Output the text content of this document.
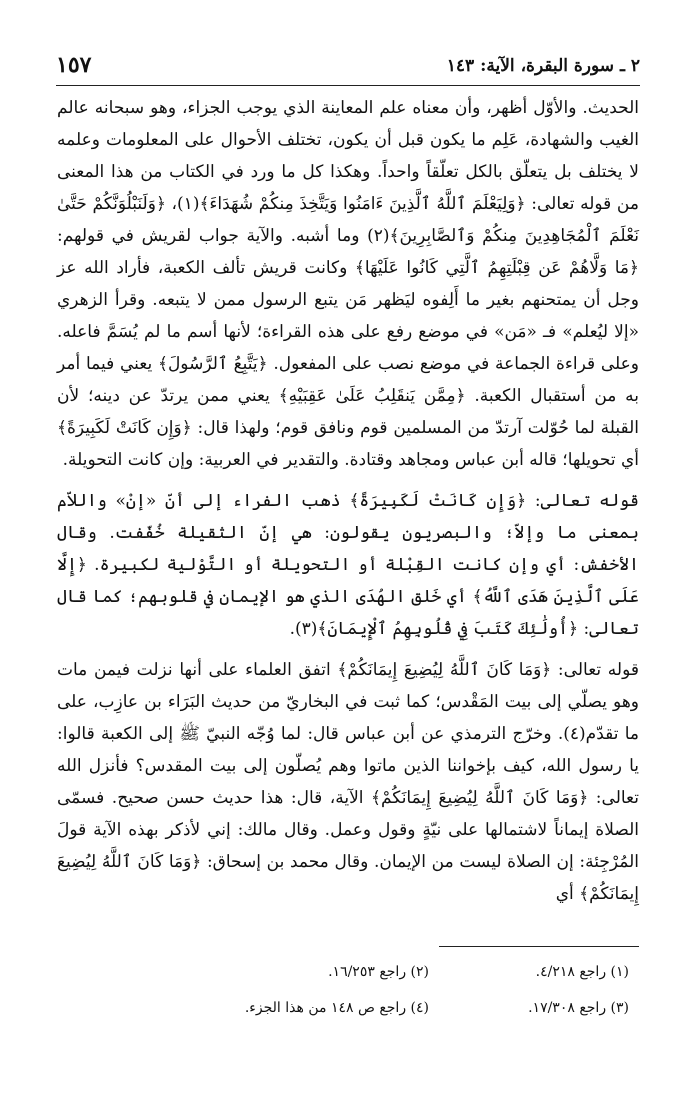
٢ ـ سورة البقرة، الآية: ١٤٣
١٥٧

الحديث. والأوّل أظهر، وأن معناه علم المعاينة الذي يوجب الجزاء، وهو سبحانه عالم الغيب والشهادة، عَلِم ما يكون قبل أن يكون، تختلف الأحوال على المعلومات وعلمه لا يختلف بل يتعلّق بالكل تعلّقاً واحداً. وهكذا كل ما ورد في الكتاب من هذا المعنى من قوله تعالى: ﴿وَلِيَعْلَمَ ٱللَّهُ ٱلَّذِينَ ءَامَنُوا وَيَتَّخِذَ مِنكُمْ شُهَدَاءَ﴾(١)، ﴿وَلَنَبْلُوَنَّكُمْ حَتَّىٰ نَعْلَمَ ٱلْمُجَاهِدِينَ مِنكُمْ وَٱلصَّابِرِينَ﴾(٢) وما أشبه. والآية جواب لقريش في قولهم: ﴿مَا وَلَّاهُمْ عَن قِبْلَتِهِمُ ٱلَّتِي كَانُوا عَلَيْهَا﴾ وكانت قريش تألف الكعبة، فأراد الله عز وجل أن يمتحنهم بغير ما أَلِفوه ليَظهر مَن يتبع الرسول ممن لا يتبعه. وقرأ الزهري «إلا ليُعلم» فـ «مَن» في موضع رفع على هذه القراءة؛ لأنها أسم ما لم يُسَمَّ فاعله. وعلى قراءة الجماعة في موضع نصب على المفعول. ﴿يَتَّبِعُ ٱلرَّسُولَ﴾ يعني فيما أمر به من أستقبال الكعبة. ﴿مِمَّن يَنقَلِبُ عَلَىٰ عَقِبَيْهِ﴾ يعني ممن يرتدّ عن دينه؛ لأن القبلة لما حُوّلت آرتدّ من المسلمين قوم ونافق قوم؛ ولهذا قال: ﴿وَإِن كَانَتْ لَكَبِيرَةً﴾ أي تحويلها؛ قاله أبن عباس ومجاهد وقتادة. والتقدير في العربية: وإن كانت التحويلة.

قوله تعالى: ﴿وَإِن كَانَتْ لَكَبِيرَةً﴾ ذهب الفراء إلى أنّ «إنْ» واللاّم بمعنى ما وإلاّ؛ والبصريون يقولون: هي إنّ الثقيلة خُفّفت. وقال الأخفش: أي وإن كانت القِبْلة أو التحويلة أو التَّوْلية لكبيرة. ﴿إِلَّا عَلَى ٱلَّذِينَ هَدَى ٱللَّهُ﴾ أي خَلق الهُدَى الذي هو الإيمان في قلوبهم؛ كما قال تعالى: ﴿أُولَٰئِكَ كَتَبَ فِي قُلُوبِهِمُ ٱلْإِيمَانَ﴾(٣).

قوله تعالى: ﴿وَمَا كَانَ ٱللَّهُ لِيُضِيعَ إِيمَانَكُمْ﴾ اتفق العلماء على أنها نزلت فيمن مات وهو يصلّي إلى بيت المَقْدس؛ كما ثبت في البخاريّ من حديث البَرَاء بن عازِب، على ما تقدّم(٤). وخرّج الترمذي عن أبن عباس قال: لما وُجّه النبيّ ﷺ إلى الكعبة قالوا: يا رسول الله، كيف بإخواننا الذين ماتوا وهم يُصلّون إلى بيت المقدس؟ فأنزل الله تعالى: ﴿وَمَا كَانَ ٱللَّهُ لِيُضِيعَ إِيمَانَكُمْ﴾ الآية، قال: هذا حديث حسن صحيح. فسمّى الصلاة إيماناً لاشتمالها على نيّةٍ وقول وعمل. وقال مالك: إني لأذكر بهذه الآية قولَ المُرْجِئة: إن الصلاة ليست من الإيمان. وقال محمد بن إسحاق: ﴿وَمَا كَانَ ٱللَّهُ لِيُضِيعَ إِيمَانَكُمْ﴾ أي

(١) راجع ٤/٢١٨.
(٢) راجع ١٦/٢٥٣.
(٣) راجع ١٧/٣٠٨.
(٤) راجع ص ١٤٨ من هذا الجزء.
